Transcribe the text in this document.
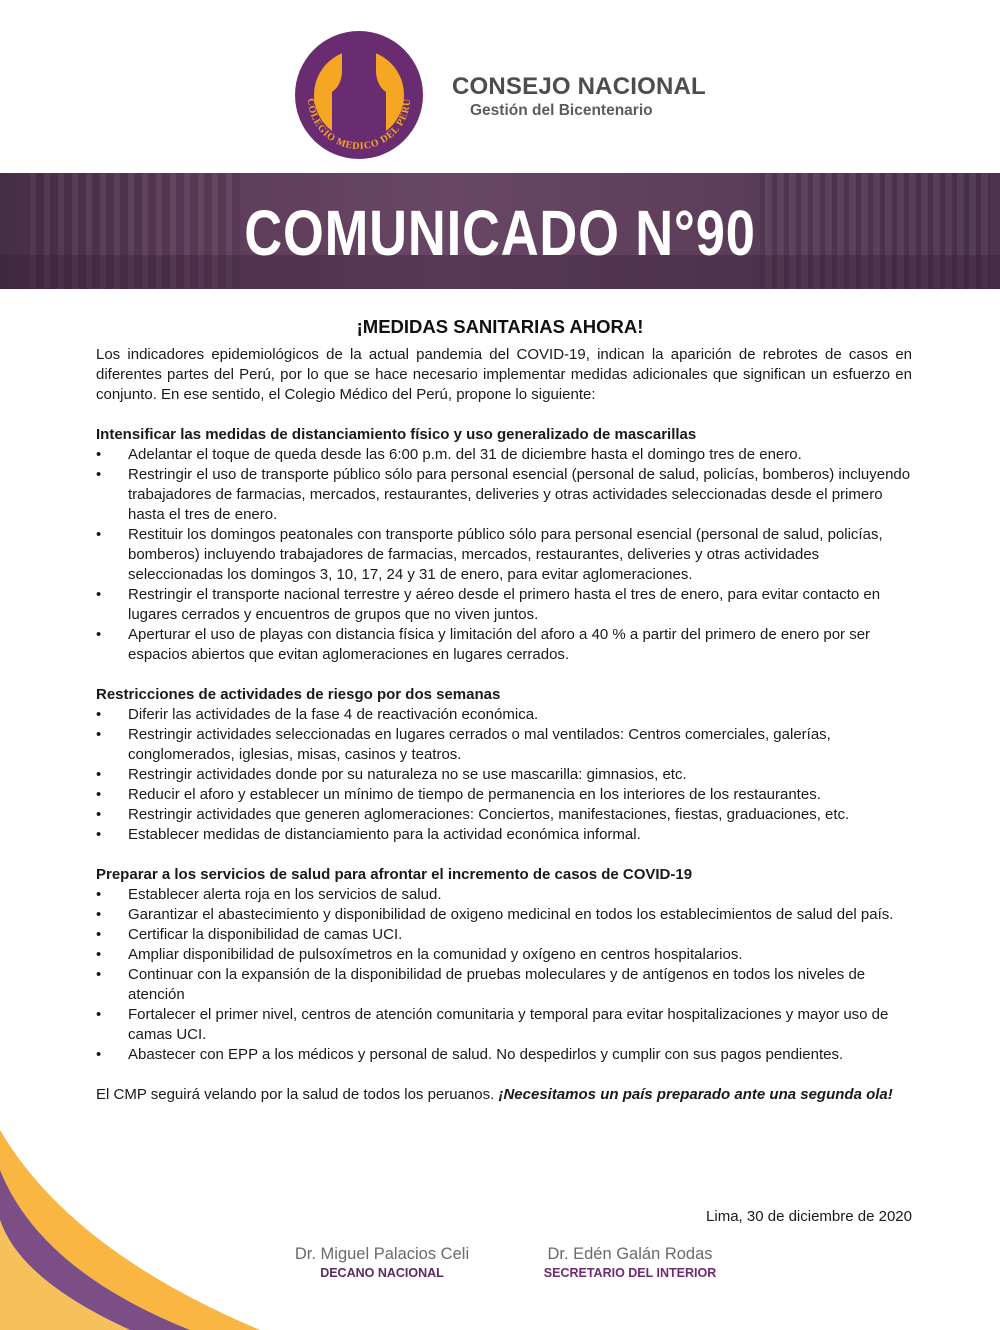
COLEGIO MEDICO DEL PERÚ
CONSEJO NACIONAL
Gestión del Bicentenario
COMUNICADO N°90
¡MEDIDAS SANITARIAS AHORA!

Los indicadores epidemiológicos de la actual pandemia del COVID-19, indican la aparición de rebrotes de casos en diferentes partes del Perú, por lo que se hace necesario implementar medidas adicionales que significan un esfuerzo en conjunto. En ese sentido, el Colegio Médico del Perú, propone lo siguiente:

Intensificar las medidas de distanciamiento físico y uso generalizado de mascarillas

• Adelantar el toque de queda desde las 6:00 p.m. del 31 de diciembre hasta el domingo tres de enero.
• Restringir el uso de transporte público sólo para personal esencial (personal de salud, policías, bomberos) incluyendo trabajadores de farmacias, mercados, restaurantes, deliveries y otras actividades seleccionadas desde el primero hasta el tres de enero.
• Restituir los domingos peatonales con transporte público sólo para personal esencial (personal de salud, policías, bomberos) incluyendo trabajadores de farmacias, mercados, restaurantes, deliveries y otras actividades seleccionadas los domingos 3, 10, 17, 24 y 31 de enero, para evitar aglomeraciones.
• Restringir el transporte nacional terrestre y aéreo desde el primero hasta el tres de enero, para evitar contacto en lugares cerrados y encuentros de grupos que no viven juntos.
• Aperturar el uso de playas con distancia física y limitación del aforo a 40 % a partir del primero de enero por ser espacios abiertos que evitan aglomeraciones en lugares cerrados.

Restricciones de actividades de riesgo por dos semanas

• Diferir las actividades de la fase 4 de reactivación económica.
• Restringir actividades seleccionadas en lugares cerrados o mal ventilados: Centros comerciales, galerías, conglomerados, iglesias, misas, casinos y teatros.
• Restringir actividades donde por su naturaleza no se use mascarilla: gimnasios, etc.
• Reducir el aforo y establecer un mínimo de tiempo de permanencia en los interiores de los restaurantes.
• Restringir actividades que generen aglomeraciones: Conciertos, manifestaciones, fiestas, graduaciones, etc.
• Establecer medidas de distanciamiento para la actividad económica informal.

Preparar a los servicios de salud para afrontar el incremento de casos de COVID-19

• Establecer alerta roja en los servicios de salud.
• Garantizar el abastecimiento y disponibilidad de oxigeno medicinal en todos los establecimientos de salud del país.
• Certificar la disponibilidad de camas UCI.
• Ampliar disponibilidad de pulsoxímetros en la comunidad y oxígeno en centros hospitalarios.
• Continuar con la expansión de la disponibilidad de pruebas moleculares y de antígenos en todos los niveles de atención
• Fortalecer el primer nivel, centros de atención comunitaria y temporal para evitar hospitalizaciones y mayor uso de camas UCI.
• Abastecer con EPP a los médicos y personal de salud. No despedirlos y cumplir con sus pagos pendientes.

El CMP seguirá velando por la salud de todos los peruanos. ¡Necesitamos un país preparado ante una segunda ola!

Lima, 30 de diciembre de 2020
Dr. Miguel Palacios Celi
DECANO NACIONAL
Dr. Edén Galán Rodas
SECRETARIO DEL INTERIOR
